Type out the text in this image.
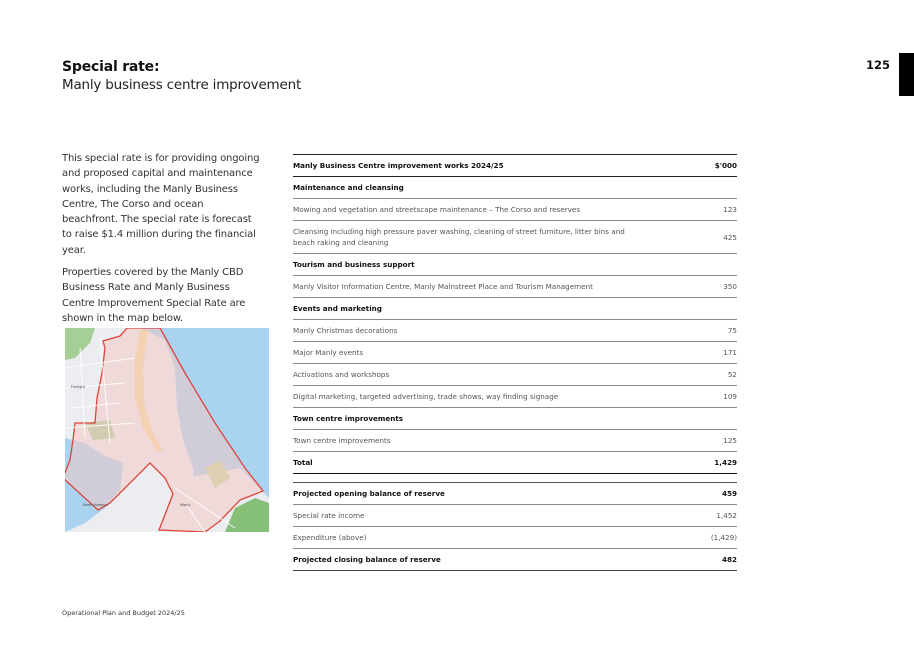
Special rate:
Manly business centre improvement
125

This special rate is for providing ongoing and proposed capital and maintenance works, including the Manly Business Centre, The Corso and ocean beachfront. The special rate is forecast to raise $1.4 million during the financial year.

Properties covered by the Manly CBD Business Rate and Manly Business Centre Improvement Special Rate are shown in the map below.

Fairlight
North Harbour	Manly
Manly Business Centre improvement works 2024/25	$'000
Maintenance and cleansing	
Mowing and vegetation and streetscape maintenance – The Corso and reserves	123
Cleansing including high pressure paver washing, cleaning of street furniture, litter bins and
beach raking and cleaning	425
Tourism and business support	
Manly Visitor Information Centre, Manly Mainstreet Place and Tourism Management	350
Events and marketing	
Manly Christmas decorations	75
Major Manly events	171
Activations and workshops	52
Digital marketing, targeted advertising, trade shows, way finding signage	109
Town centre improvements	
Town centre improvements	125
Total	1,429

Projected opening balance of reserve	459
Special rate income	1,452
Expenditure (above)	(1,429)
Projected closing balance of reserve	482
Operational Plan and Budget 2024/25
